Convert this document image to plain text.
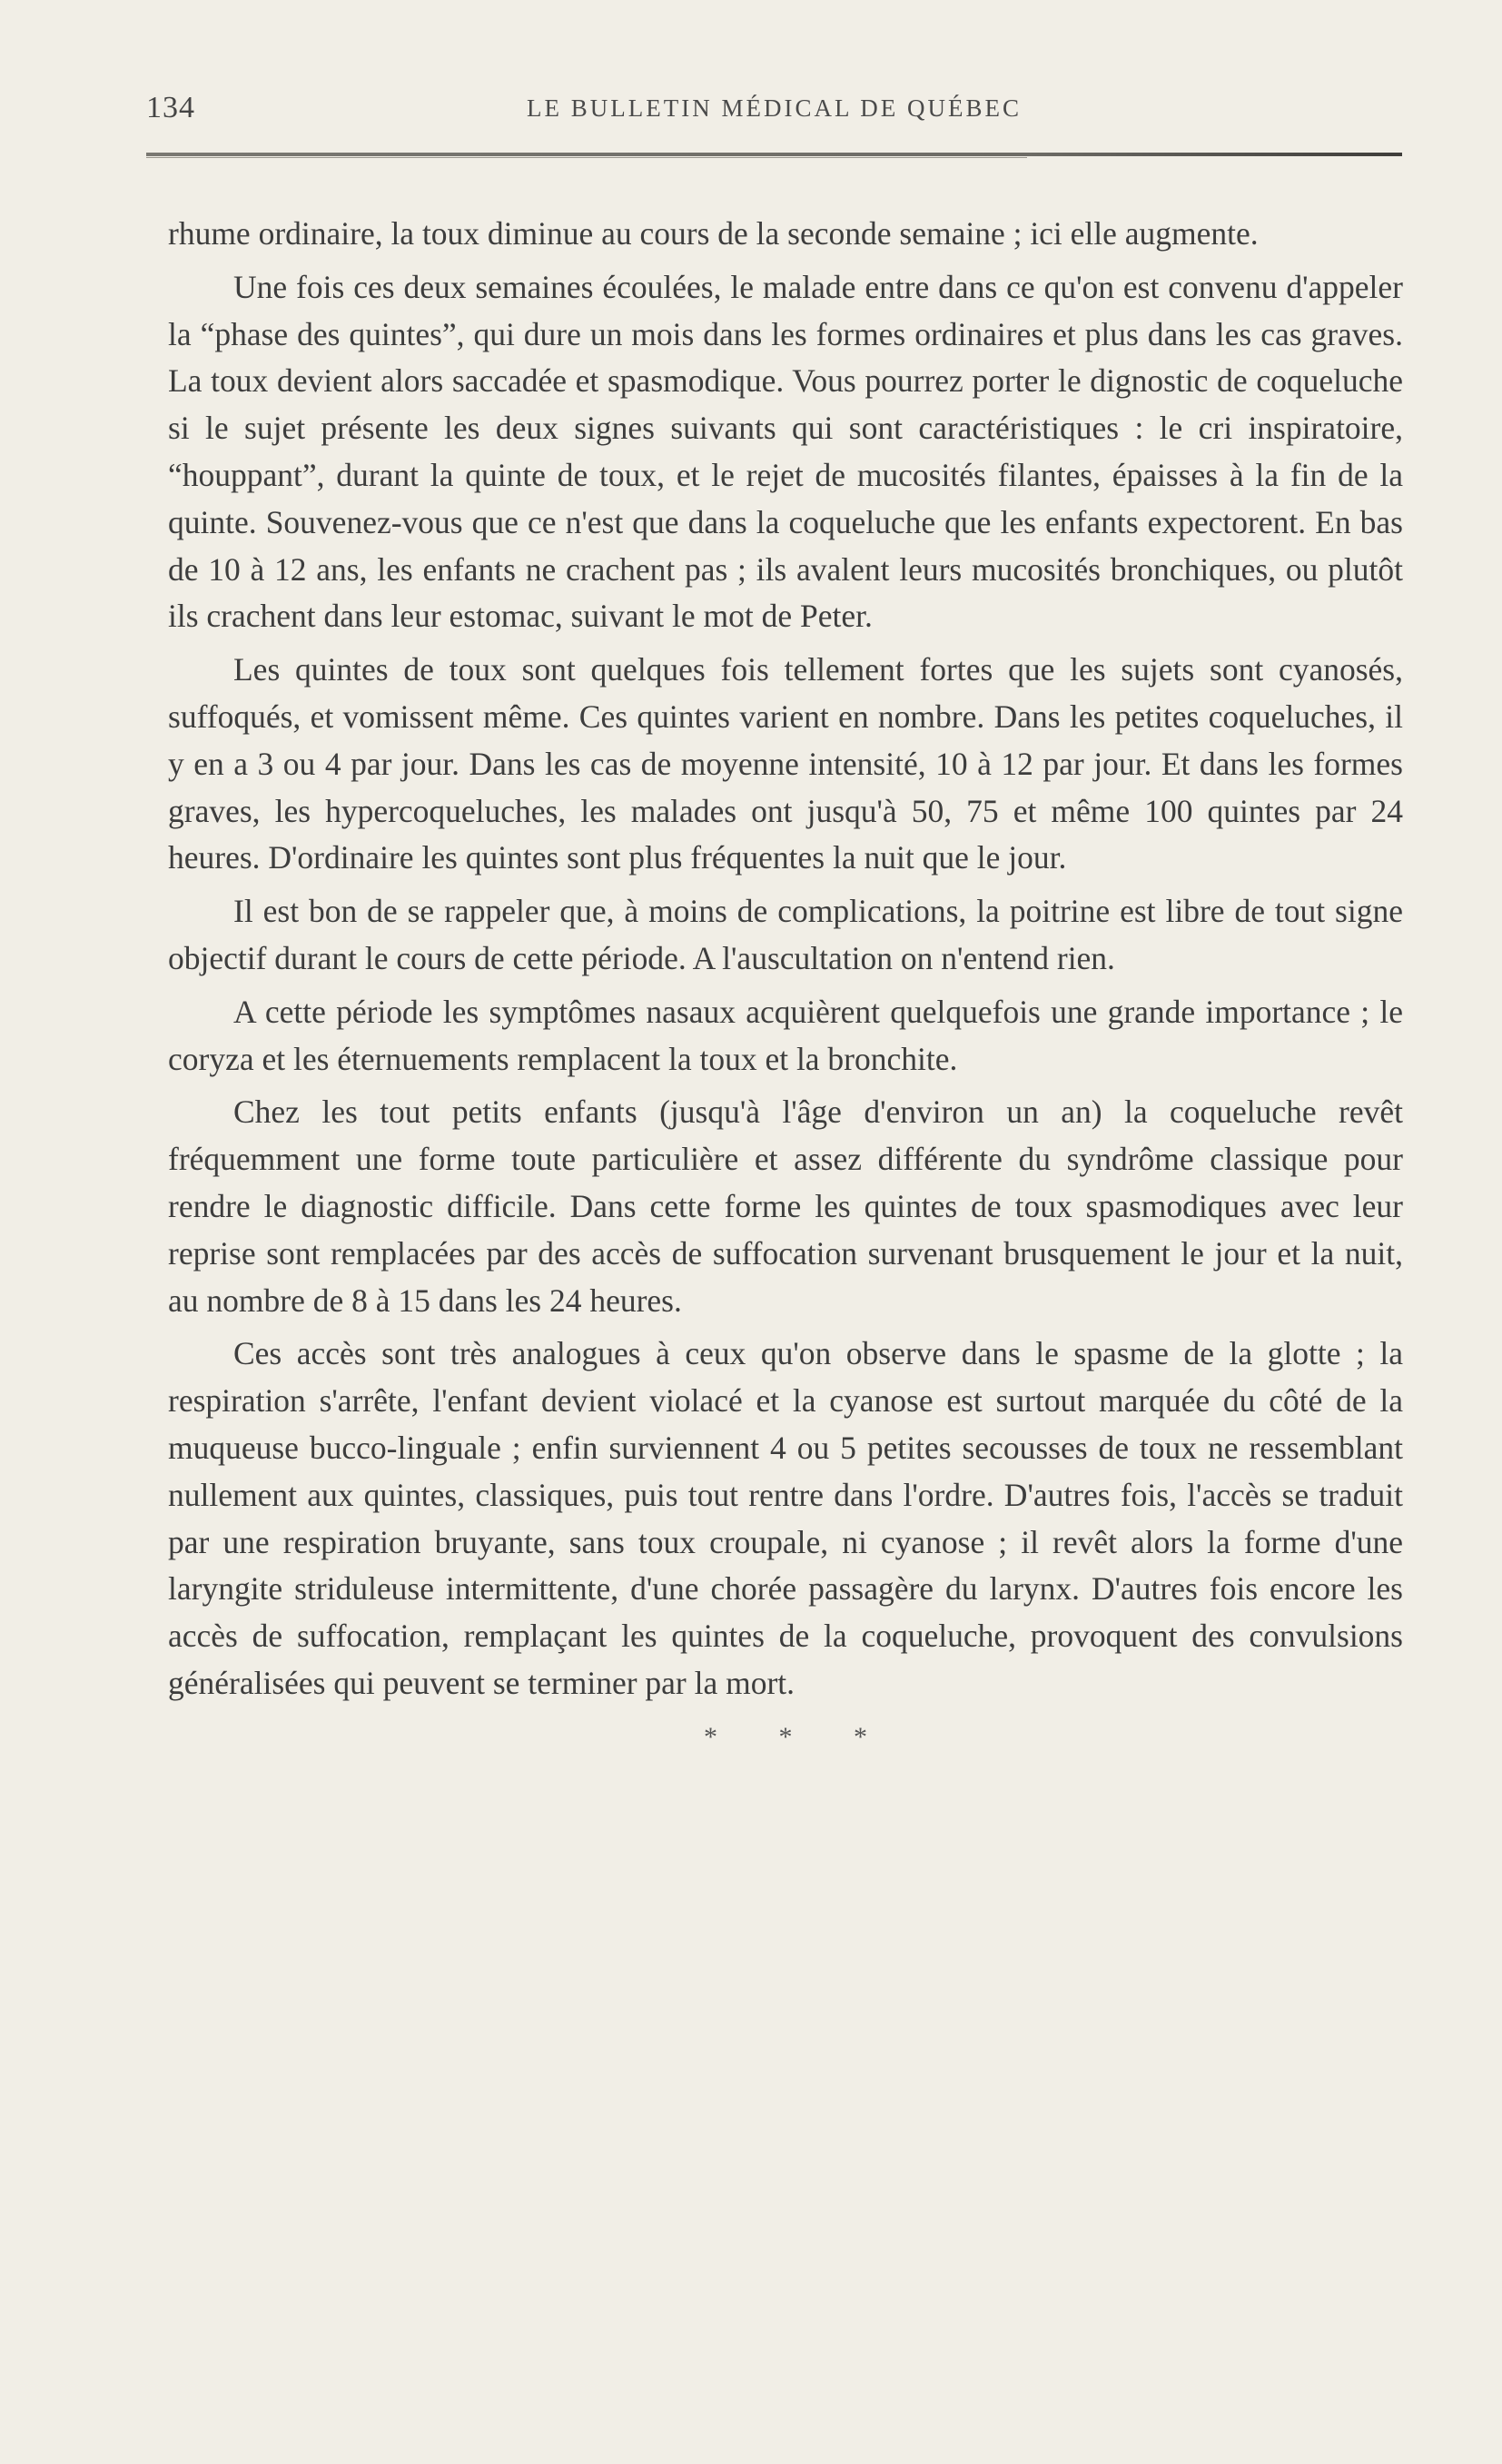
134	LE BULLETIN MÉDICAL DE QUÉBEC

rhume ordinaire, la toux diminue au cours de la seconde semaine ; ici elle augmente.

Une fois ces deux semaines écoulées, le malade entre dans ce qu'on est convenu d'appeler la “phase des quintes”, qui dure un mois dans les formes ordinaires et plus dans les cas graves. La toux devient alors saccadée et spasmodique. Vous pourrez porter le dignostic de coqueluche si le sujet présente les deux signes suivants qui sont caractéristiques : le cri inspiratoire, “houppant”, durant la quinte de toux, et le rejet de mucosités filantes, épaisses à la fin de la quinte. Souvenez-vous que ce n'est que dans la coqueluche que les enfants expectorent. En bas de 10 à 12 ans, les enfants ne crachent pas ; ils avalent leurs mucosités bronchiques, ou plutôt ils crachent dans leur estomac, suivant le mot de Peter.

Les quintes de toux sont quelques fois tellement fortes que les sujets sont cyanosés, suffoqués, et vomissent même. Ces quintes varient en nombre. Dans les petites coqueluches, il y en a 3 ou 4 par jour. Dans les cas de moyenne intensité, 10 à 12 par jour. Et dans les formes graves, les hypercoqueluches, les malades ont jusqu'à 50, 75 et même 100 quintes par 24 heures. D'ordinaire les quintes sont plus fréquentes la nuit que le jour.

Il est bon de se rappeler que, à moins de complications, la poitrine est libre de tout signe objectif durant le cours de cette période. A l'auscultation on n'entend rien.

A cette période les symptômes nasaux acquièrent quelquefois une grande importance ; le coryza et les éternuements remplacent la toux et la bronchite.

Chez les tout petits enfants (jusqu'à l'âge d'environ un an) la coqueluche revêt fréquemment une forme toute particulière et assez différente du syndrôme classique pour rendre le diagnostic difficile. Dans cette forme les quintes de toux spasmodiques avec leur reprise sont remplacées par des accès de suffocation survenant brusquement le jour et la nuit, au nombre de 8 à 15 dans les 24 heures.

Ces accès sont très analogues à ceux qu'on observe dans le spasme de la glotte ; la respiration s'arrête, l'enfant devient violacé et la cyanose est surtout marquée du côté de la muqueuse bucco-linguale ; enfin surviennent 4 ou 5 petites secousses de toux ne ressemblant nullement aux quintes, classiques, puis tout rentre dans l'ordre. D'autres fois, l'accès se traduit par une respiration bruyante, sans toux croupale, ni cyanose ; il revêt alors la forme d'une laryngite striduleuse intermittente, d'une chorée passagère du larynx. D'autres fois encore les accès de suffocation, remplaçant les quintes de la coqueluche, provoquent des convulsions généralisées qui peuvent se terminer par la mort.

* * *
